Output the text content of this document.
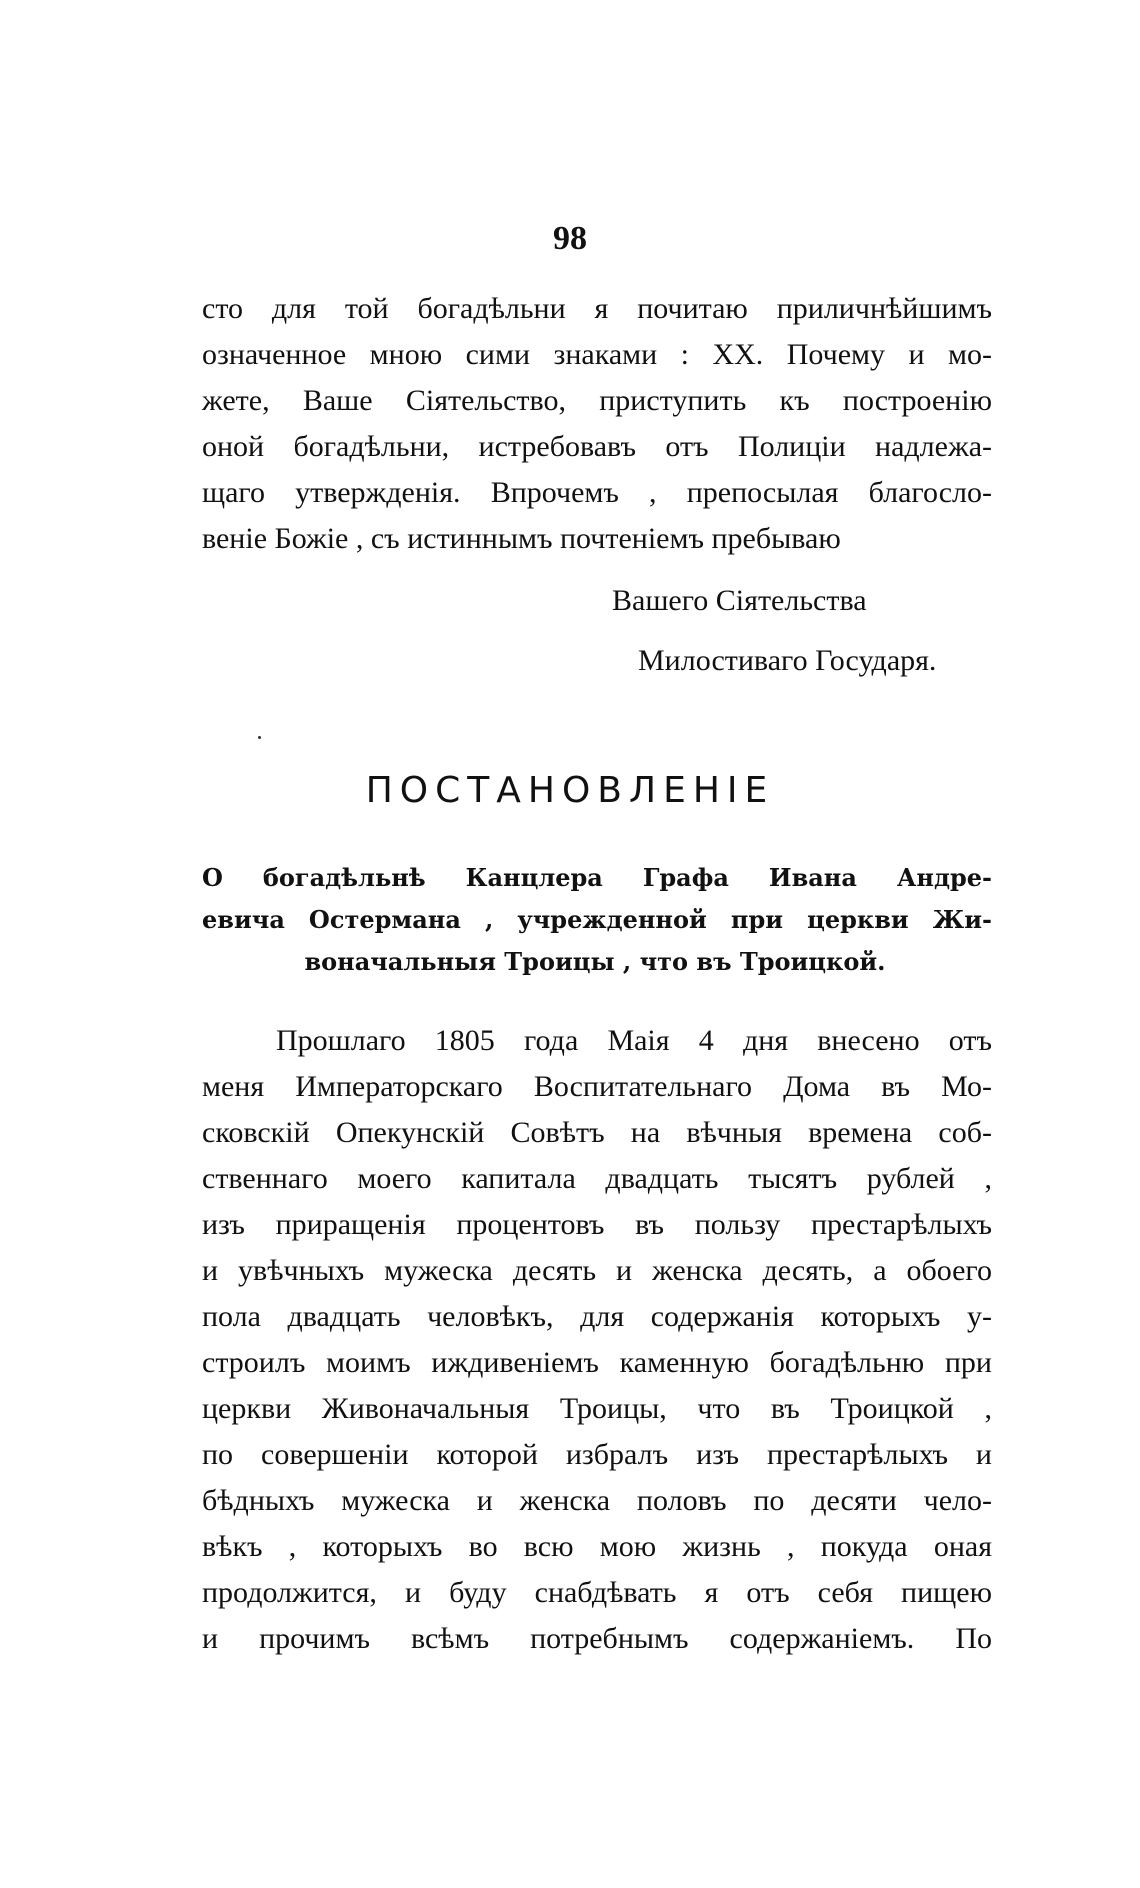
98
сто для той богадѣльни я почитаю приличнѣйшимъ
означенное мною сими знаками : XX. Почему и мо-
жете, Ваше Сіятельство, приступить къ построенію
оной богадѣльни, истребовавъ отъ Полиціи надлежа-
щаго утвержденія. Впрочемъ , препосылая благосло-
веніе Божіе , съ истиннымъ почтеніемъ пребываю
Вашего Сіятельства
Милостиваго Государя.
ПОСТАНОВЛЕНІЕ
О богадѣльнѣ Канцлера Графа Ивана Андре-
евича Остермана , учрежденной при церкви Жи-
воначальныя Троицы , что въ Троицкой.
Прошлаго 1805 года Маія 4 дня внесено отъ
меня Императорскаго Воспитательнаго Дома въ Мо-
сковскій Опекунскій Совѣтъ на вѣчныя времена соб-
ственнаго моего капитала двадцать тысятъ рублей ,
изъ приращенія процентовъ въ пользу престарѣлыхъ
и увѣчныхъ мужеска десять и женска десять, а обоего
пола двадцать человѣкъ, для содержанія которыхъ у-
строилъ моимъ иждивеніемъ каменную богадѣльню при
церкви Живоначальныя Троицы, что въ Троицкой ,
по совершеніи которой избралъ изъ престарѣлыхъ и
бѣдныхъ мужеска и женска половъ по десяти чело-
вѣкъ , которыхъ во всю мою жизнь , покуда оная
продолжится, и буду снабдѣвать я отъ себя пищею
и прочимъ всѣмъ потребнымъ содержаніемъ. По
